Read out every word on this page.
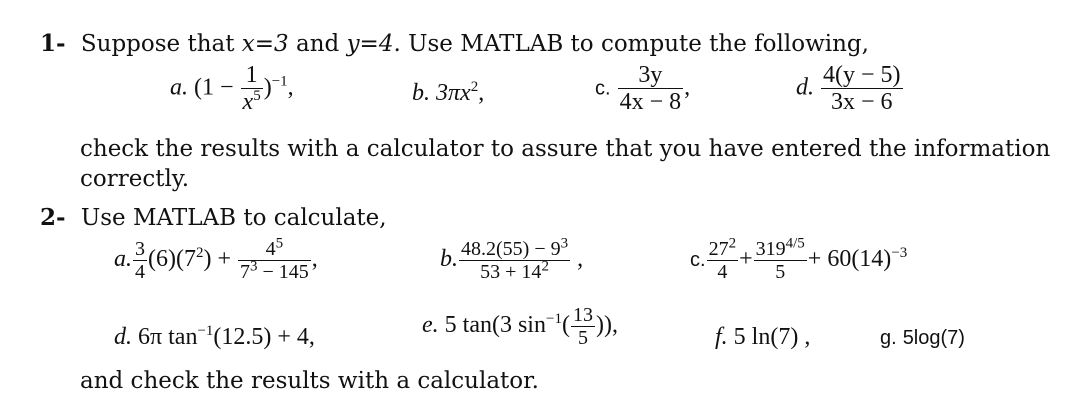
1- Suppose that x=3 and y=4. Use MATLAB to compute the following,
a. $(1 - \frac{1}{x^5} )^{-1}$,	b. $3\pi x^2$,	c. $\frac{3y}{4x - 8}$ ,	d. $\frac{4(y - 5)}{3x - 6}$
check the results with a calculator to assure that you have entered the information
correctly.
2- Use MATLAB to calculate,
a. $\frac{3}{4} (6)(7^2) + \frac{4^5}{7^3 - 145}$ ,	b. $\frac{48.2(55) - 9^3}{53 + 14^2}$ ,	c. $\frac{27^2}{4} + \frac{319^{4/5}}{5} + 60(14)^{-3}$
d. 6π $\tan^{-1}(12.5) + 4$,	e. 5 tan(3 $\sin^{-1}( \frac{13}{5}$ )),	f. 5 ln(7) ,	g. 5log(7)
and check the results with a calculator.
